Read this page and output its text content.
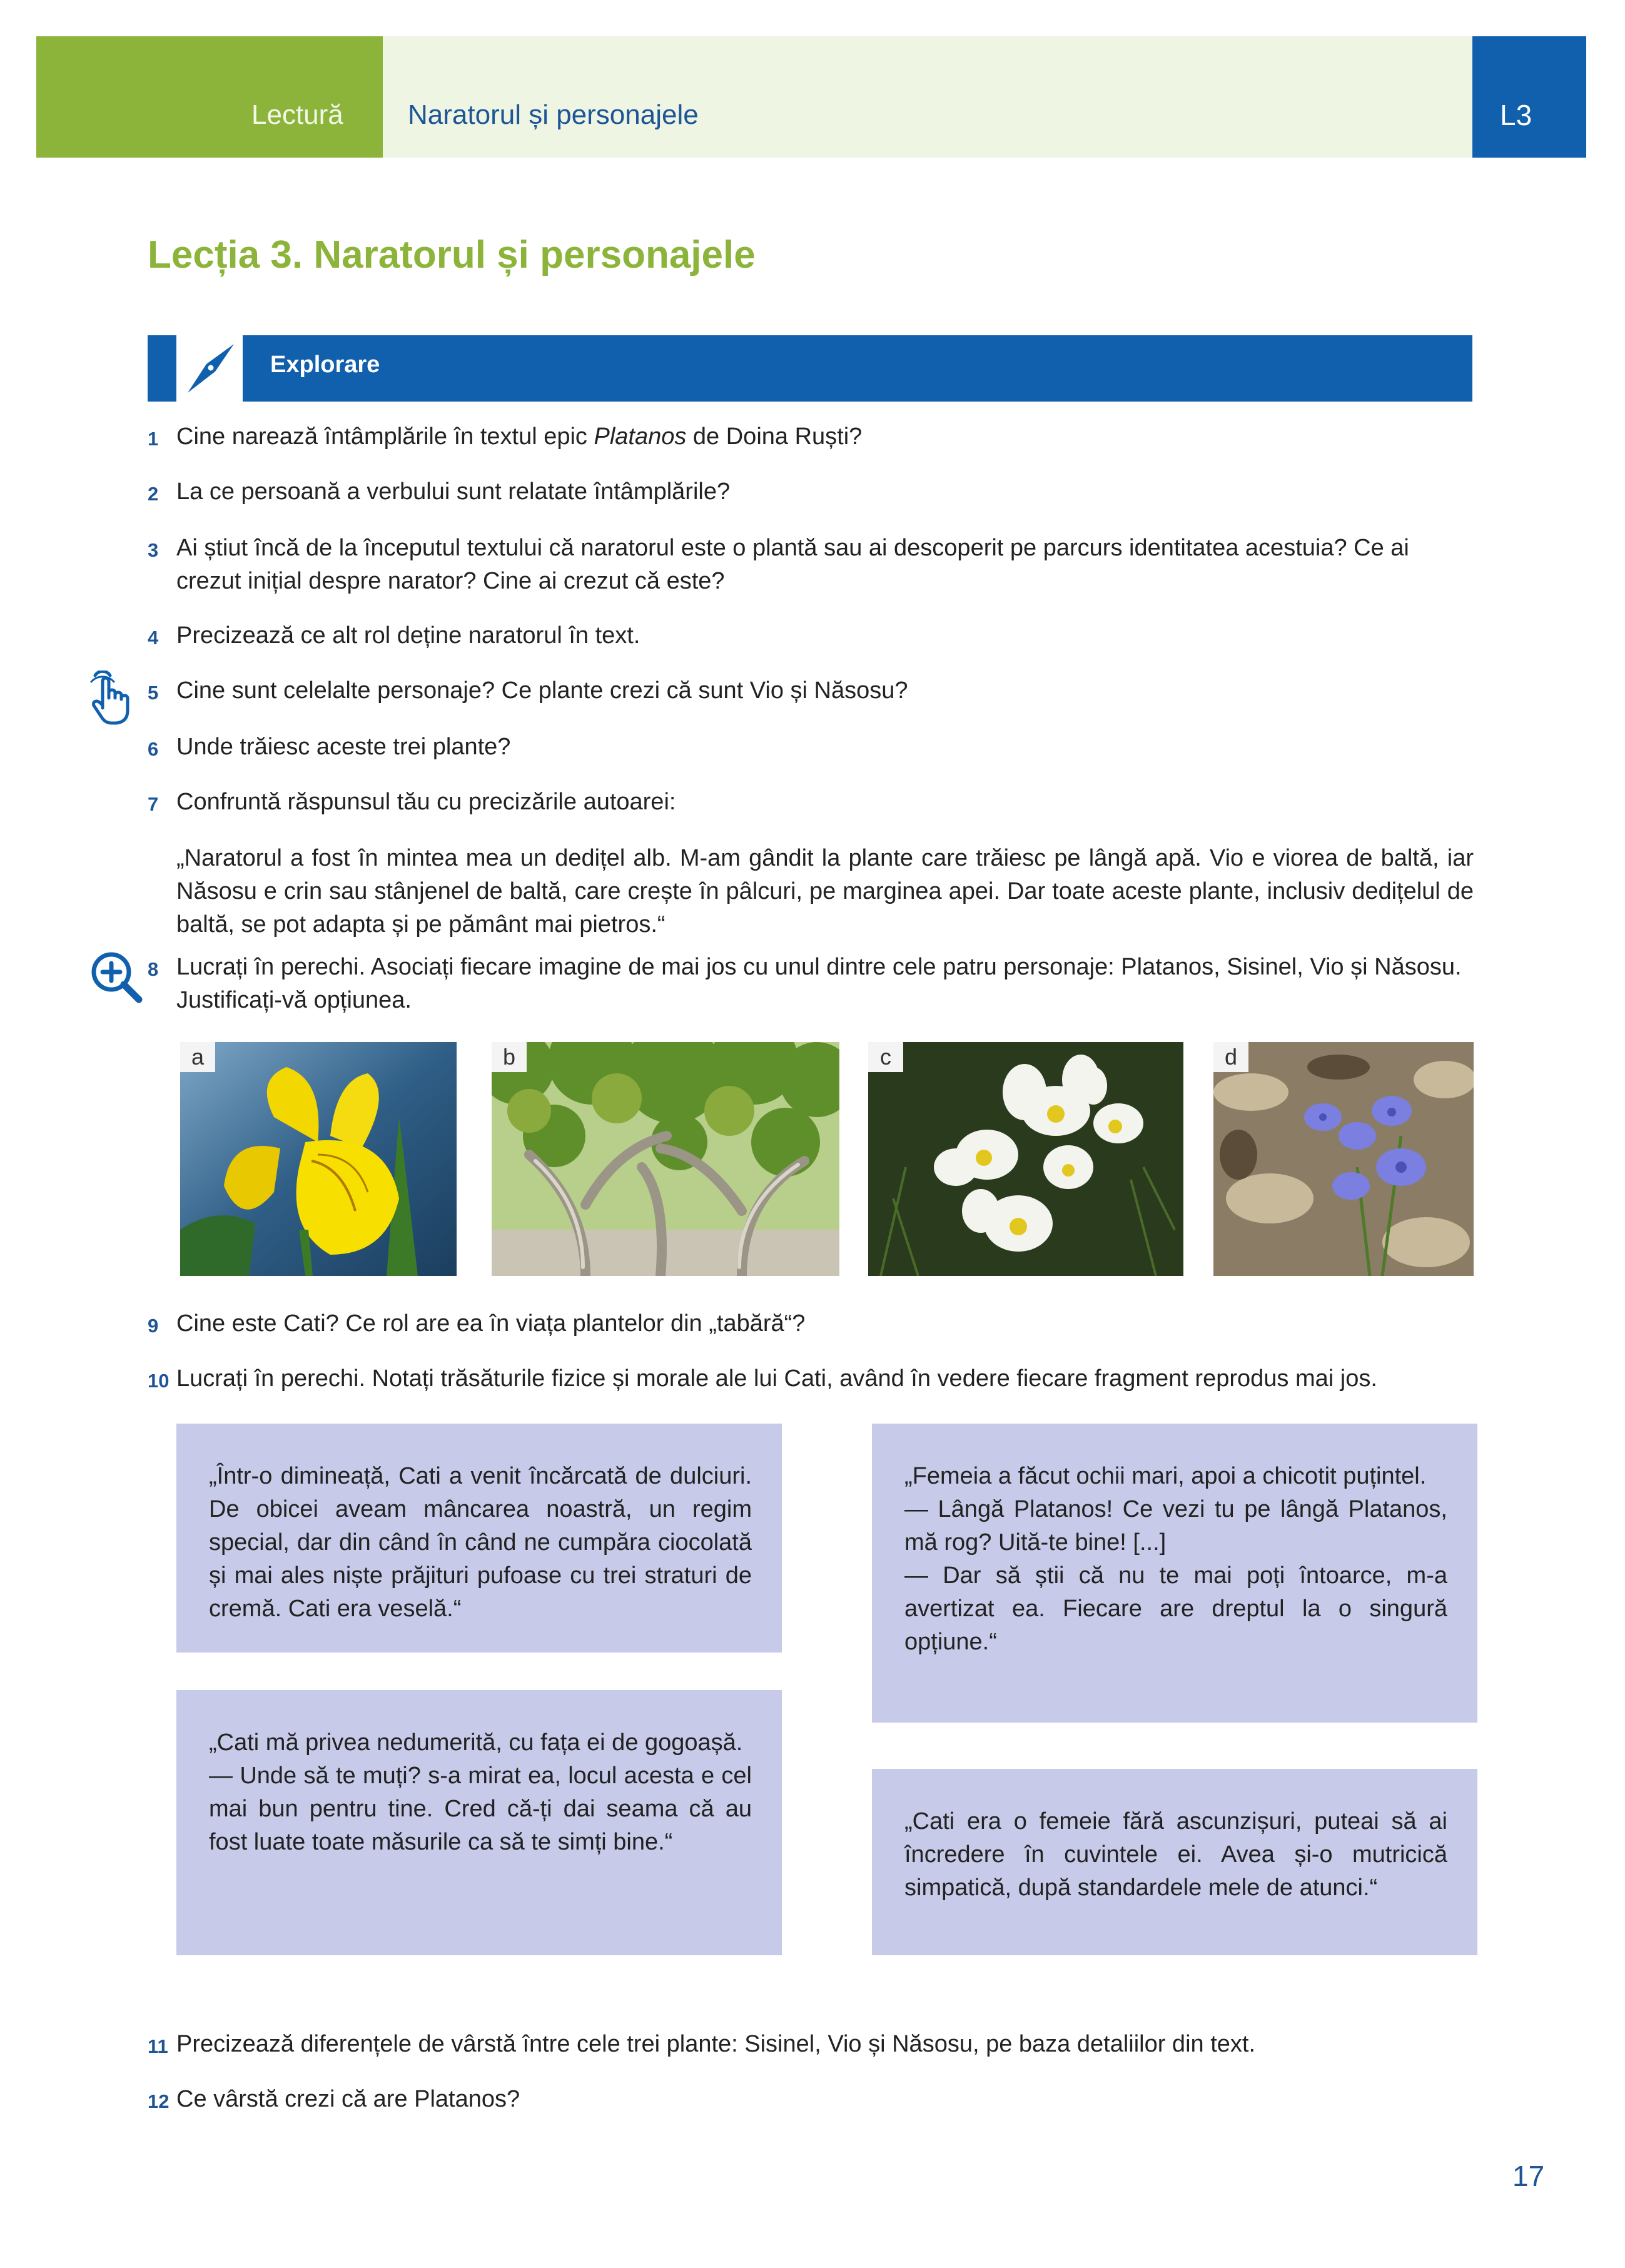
Lectură Naratorul și personajele	L3
Lecția 3. Naratorul și personajele
Explorare
1 Cine narează întâmplările în textul epic Platanos de Doina Ruști?
2 La ce persoană a verbului sunt relatate întâmplările?
3 Ai știut încă de la începutul textului că naratorul este o plantă sau ai descoperit pe parcurs identitatea acestuia? Ce ai crezut inițial despre narator? Cine ai crezut că este?
4 Precizează ce alt rol deține naratorul în text.
5 Cine sunt celelalte personaje? Ce plante crezi că sunt Vio și Năsosu?
6 Unde trăiesc aceste trei plante?
7 Confruntă răspunsul tău cu precizările autoarei:
„Naratorul a fost în mintea mea un dedițel alb. M-am gândit la plante care trăiesc pe lângă apă. Vio e viorea de baltă, iar Năsosu e crin sau stânjenel de baltă, care crește în pâlcuri, pe marginea apei. Dar toate aceste plante, inclusiv dedițelul de baltă, se pot adapta și pe pământ mai pietros.“
8 Lucrați în perechi. Asociați fiecare imagine de mai jos cu unul dintre cele patru personaje: Platanos, Sisinel, Vio și Năsosu. Justificați-vă opțiunea.
a	b	c	d
9 Cine este Cati? Ce rol are ea în viața plantelor din „tabără“?
10 Lucrați în perechi. Notați trăsăturile fizice și morale ale lui Cati, având în vedere fiecare fragment reprodus mai jos.
„Într-o dimineață, Cati a venit încărcată de dulciuri. De obicei aveam mâncarea noastră, un regim special, dar din când în când ne cumpăra ciocolată și mai ales niște prăjituri pufoase cu trei straturi de cremă. Cati era veselă.“
„Femeia a făcut ochii mari, apoi a chicotit puțintel.
— Lângă Platanos! Ce vezi tu pe lângă Platanos, mă rog? Uită-te bine! [...]
— Dar să știi că nu te mai poți întoarce, m-a avertizat ea. Fiecare are dreptul la o singură opțiune.“
„Cati mă privea nedumerită, cu fața ei de gogoașă.
— Unde să te muți? s-a mirat ea, locul acesta e cel mai bun pentru tine. Cred că-ți dai seama că au fost luate toate măsurile ca să te simți bine.“
„Cati era o femeie fără ascunzișuri, puteai să ai încredere în cuvintele ei. Avea și-o mutricică simpatică, după standardele mele de atunci.“
11 Precizează diferențele de vârstă între cele trei plante: Sisinel, Vio și Năsosu, pe baza detaliilor din text.
12 Ce vârstă crezi că are Platanos?
17
